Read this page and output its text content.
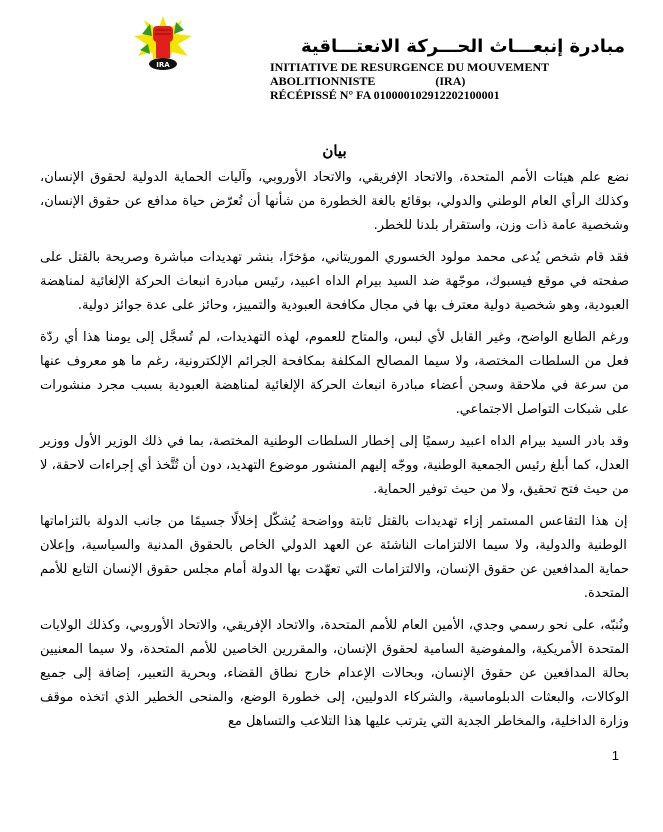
IRA
مبادرة إنبعـــاث الحـــركة الانعتـــاقية
INITIATIVE DE RESURGENCE DU MOUVEMENT
ABOLITIONNISTE	(IRA)
RÉCÉPISSÉ N° FA 010000102912202100001
بيان

نضع علم هيئات الأمم المتحدة، والاتحاد الإفريقي، والاتحاد الأوروبي، وآليات الحماية الدولية لحقوقالإنسان، وكذلك الرأي العام الوطني والدولي، بوقائع بالغة الخطورة من شأنها أن تُعرّض حياة مدافع عنحقوق الإنسان، وشخصية عامة ذات وزن، واستقرار بلدنا للخطر.

فقد قام شخص يُدعى محمد مولود الخسوري الموريتاني، مؤخرًا، بنشر تهديدات مباشرة وصريحة بالقتلعلى صفحته في موقع فيسبوك، موجّهة ضد السيد بيرام الداه اعبيد، رئيس مبادرة انبعاث الحركة الإلغائيةلمناهضة العبودية، وهو شخصية دولية معترف بها في مجال مكافحة العبودية والتمييز، وحائز على عدةجوائز دولية.

ورغم الطابع الواضح، وغير القابل لأي لبس، والمتاح للعموم، لهذه التهديدات، لم تُسجَّل إلى يومنا هذا أيردّة فعل من السلطات المختصة، ولا سيما المصالح المكلفة بمكافحة الجرائم الإلكترونية، رغم ما هومعروف عنها من سرعة في ملاحقة وسجن أعضاء مبادرة انبعاث الحركة الإلغائية لمناهضة العبوديةبسبب مجرد منشورات على شبكات التواصل الاجتماعي.

وقد بادر السيد بيرام الداه اعبيد رسميًا إلى إخطار السلطات الوطنية المختصة، بما في ذلك الوزير الأولووزير العدل، كما أبلغ رئيس الجمعية الوطنية، ووجّه إليهم المنشور موضوع التهديد، دون أن تُتَّخذ أيإجراءات لاحقة، لا من حيث فتح تحقيق، ولا من حيث توفير الحماية.

إن هذا التقاعس المستمر إزاء تهديدات بالقتل ثابتة وواضحة يُشكّل إخلالًا جسيمًا من جانب الدولة بالتزاماتهاالوطنية والدولية، ولا سيما الالتزامات الناشئة عن العهد الدولي الخاص بالحقوق المدنية والسياسية، وإعلانحماية المدافعين عن حقوق الإنسان، والالتزامات التي تعهّدت بها الدولة أمام مجلس حقوق الإنسان التابعللأمم المتحدة.

ونُنبّه، على نحو رسمي وجدي، الأمين العام للأمم المتحدة، والاتحاد الإفريقي، والاتحاد الأوروبي، وكذلكالولايات المتحدة الأمريكية، والمفوضية السامية لحقوق الإنسان، والمقررين الخاصين للأمم المتحدة، ولاسيما المعنيين بحالة المدافعين عن حقوق الإنسان، وبحالات الإعدام خارج نطاق القضاء، وبحرية التعبير،إضافة إلى جميع الوكالات، والبعثات الدبلوماسية، والشركاء الدوليين، إلى خطورة الوضع، والمنحىالخطير الذي اتخذه موقف وزارة الداخلية، والمخاطر الجدية التي يترتب عليها هذا التلاعب والتساهل مع

1
